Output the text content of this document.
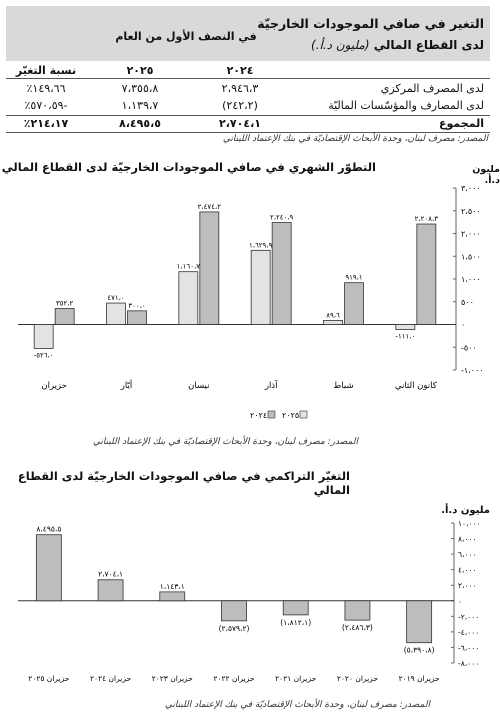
التغير في صافي الموجودات الخارجيّة
لدى القطاع المالي (مليون د.أ.)
في النصف الأول من العام
٢٠٢٤
٢٠٢٥
نسبة التغيّر
لدى المصرف المركزي
٢،٩٤٦،٣
٧،٣٥٥،٨
١٤٩،٦٦٪
لدى المصارف والمؤسّسات الماليّة
(٢٤٢،٢)
١،١٣٩،٧
-٥٧٠،٥٩٪
المجموع
٢،٧٠٤،١
٨،٤٩٥،٥
٢١٤،١٧٪
المصدر: مصرف لبنان، وحدة الأبحاث الإقتصاديّة في بنك الإعتماد اللبناني
التطوّر الشهري في صافي الموجودات الخارجيّة لدى القطاع المالي	مليون د.أ.
-١،٠٠٠
-٥٠٠
٠
٥٠٠
١،٠٠٠
١،٥٠٠
٢،٠٠٠
٢،٥٠٠
٣،٠٠٠
٢،٢٠٨،٣
-١١١،٠
كانون الثاني
٩١٩،١
٨٩،٦
شباط
٢،٢٤٠،٩
١،٦٢٩،٩
آذار
٢،٤٧٤،٢
١،١٦٠،٧
نيسان
٣٠٠،٠
٤٧١،٠
أيّار
٣٥٢،٢
-٥٢٦،٠
حزيران
٢٠٢٥
٢٠٢٤
المصدر: مصرف لبنان، وحدة الأبحاث الإقتصاديّة في بنك الإعتماد اللبناني
التغيّر التراكمي في صافي الموجودات الخارجيّة لدى القطاع المالي
مليون د.أ.
-٨،٠٠٠
-٦،٠٠٠
-٤،٠٠٠
-٢،٠٠٠
٠
٢،٠٠٠
٤،٠٠٠
٦،٠٠٠
٨،٠٠٠
١٠،٠٠٠
(٥،٣٩٠،٨)
حزيران ٢٠١٩
(٢،٤٨٦،٣)
حزيران ٢٠٢٠
(١،٨١٢،١)
حزيران ٢٠٢١
(٢،٥٧٩،٢)
حزيران ٢٠٢٢
١،١٤٣،١
حزيران ٢٠٢٣
٢،٧٠٤،١
حزيران ٢٠٢٤
٨،٤٩٥،٥
حزيران ٢٠٢٥
المصدر: مصرف لبنان، وحدة الأبحاث الإقتصاديّة في بنك الإعتماد اللبناني
